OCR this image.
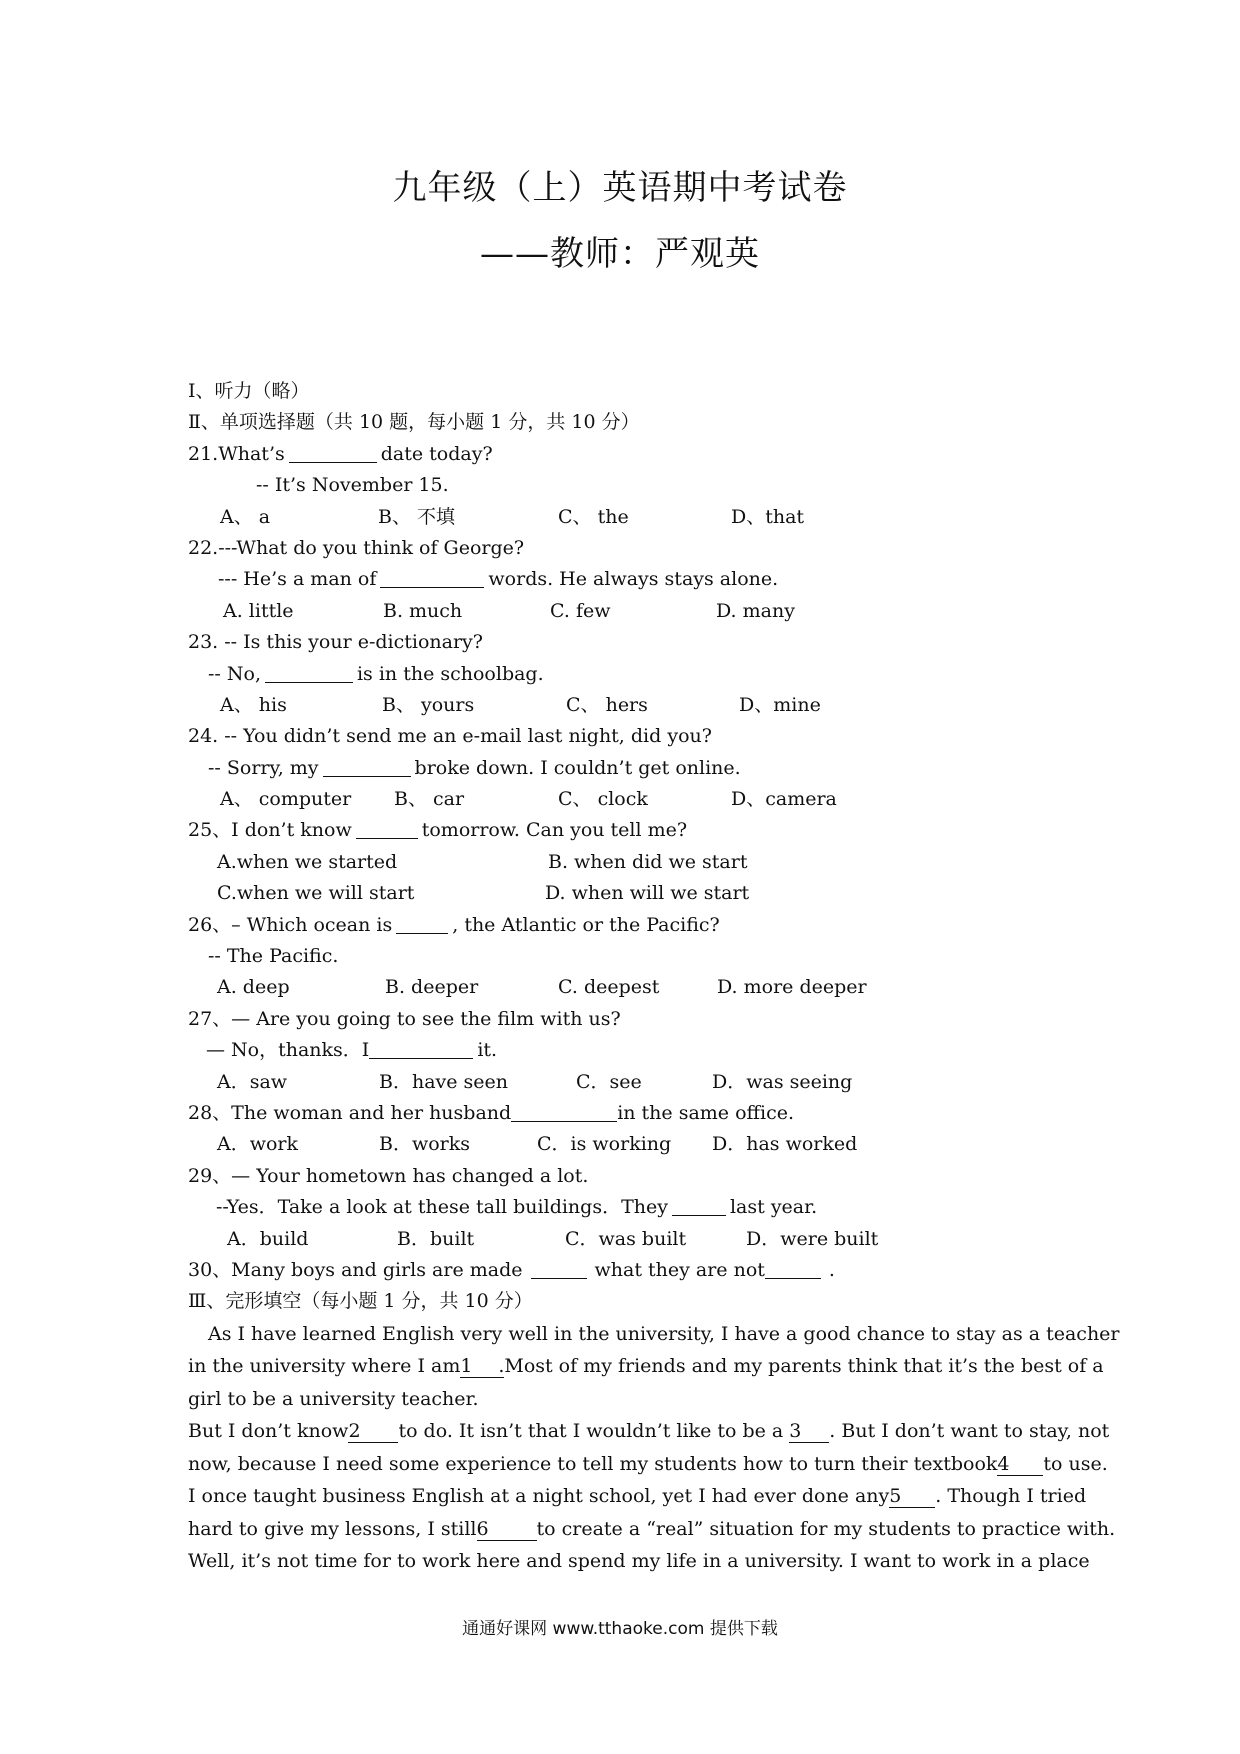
九年级（上）英语期中考试卷
——教师：严观英
Ⅰ、听力（略）
Ⅱ、单项选择题（共 10 题，每小题 1 分，共 10 分）
21.What’s	date today?
-- It’s November 15.
A、 a	B、 不填	C、 the	D、that
22.---What do you think of George?
--- He’s a man of	words. He always stays alone.
A. little	B. much	C. few	D. many
23. -- Is this your e-dictionary?
-- No,	is in the schoolbag.
A、 his	B、 yours	C、 hers	D、mine
24. -- You didn’t send me an e-mail last night, did you?
-- Sorry, my	broke down. I couldn’t get online.
A、 computer B、 car	C、 clock	D、camera
25、I don’t know	tomorrow. Can you tell me?
A.when we started	B. when did we start
C.when we will start	D. when will we start
26、– Which ocean is	, the Atlantic or the Pacific?
-- The Pacific.
A. deep	B. deeper	C. deepest	D. more deeper
27、— Are you going to see the film with us?
— No，thanks．I	it.
A．saw	B．have seen	C．see	D．was seeing
28、The woman and her husband	in the same office.
A．work	B．works	C．is working D．has worked
29、— Your hometown has changed a lot.
--Yes．Take a look at these tall buildings．They	last year.
A．build	B．built	C．was built	D．were built
30、Many boys and girls are made	what they are not	.
Ⅲ、完形填空（每小题 1 分，共 10 分）
As I have learned English very well in the university, I have a good chance to stay as a teacher
in the university where I am1 .Most of my friends and my parents think that it’s the best of a
girl to be a university teacher.
But I don’t know2 to do. It isn’t that I wouldn’t like to be a 3 . But I don’t want to stay, not
now, because I need some experience to tell my students how to turn their textbook4 to use.
I once taught business English at a night school, yet I had ever done any5 . Though I tried
hard to give my lessons, I still6	to create a “real” situation for my students to practice with.
Well, it’s not time for to work here and spend my life in a university. I want to work in a place
通通好课网 www.tthaoke.com 提供下载
